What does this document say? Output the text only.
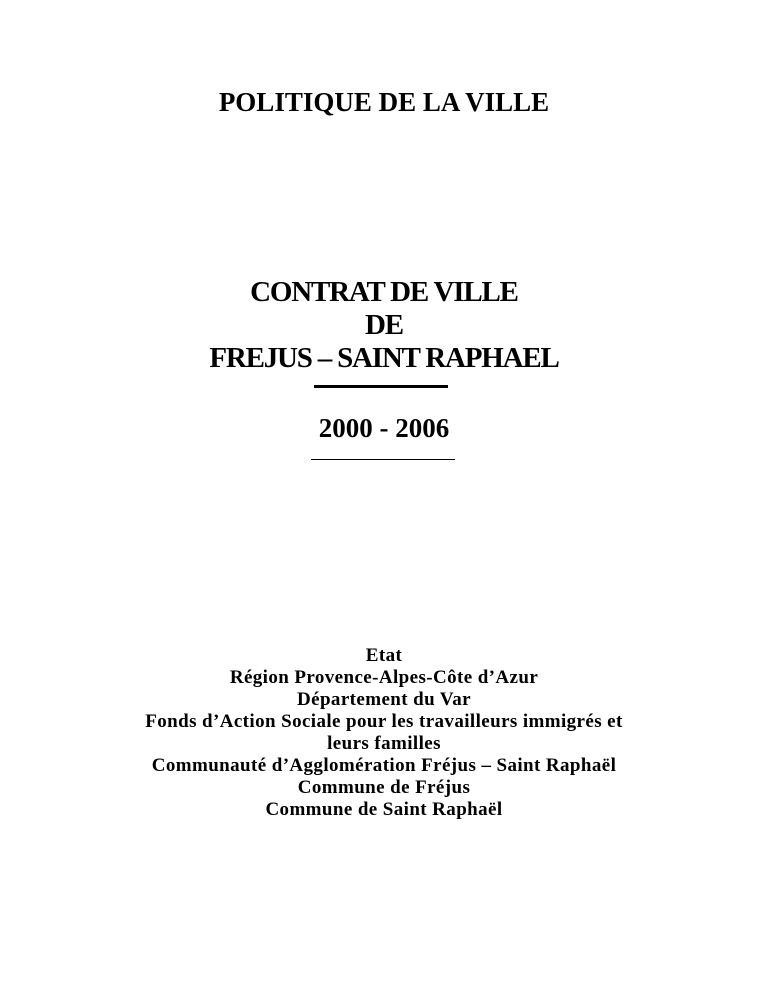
POLITIQUE DE LA VILLE
CONTRAT DE VILLE
DE
FREJUS – SAINT RAPHAEL
2000 - 2006
Etat
Région Provence-Alpes-Côte d’Azur
Département du Var
Fonds d’Action Sociale pour les travailleurs immigrés et
leurs familles
Communauté d’Agglomération Fréjus – Saint Raphaël
Commune de Fréjus
Commune de Saint Raphaël
